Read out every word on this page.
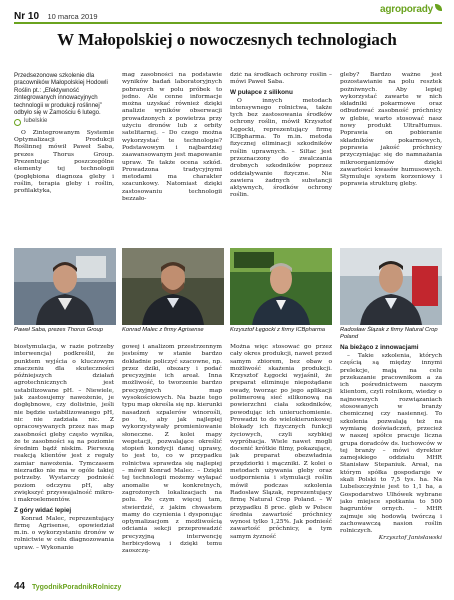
Nr 10 10 marca 2019
agroporady
W Małopolskiej o nowoczesnych technologiach

Przedsezonowe szkolenie dla pracowników Małopolskiej Hodowli Roślin pt.: „Efektywność zintegrowanych innowacyjnych technologii w produkcji roślinnej” odbyło się w Zamościu 6 lutego.

lubelskie

O Zintegrowanym Systemie Optymalizacji Produkcji Roślinnej mówił Paweł Saba, prezes Thorus Group. Prezentując poszczególne elementy tej technologii (pogłębiona diagnoza gleby i roślin, terapia gleby i roślin, profilaktyka,

mag zasobności na podstawie wyników badań laboratoryjnych pobranych w polu próbek to jedno. Ale cenne informacje można uzyskać również dzięki analizie wyników obserwacji prowadzonych z powietrza przy użyciu dronów lub z orbity satelitarnej. – Do czego można wykorzystać te technologie? Podstawowym i najbardziej zaawansowanym jest mapowanie upraw. Te także ocena szkód. Prowadzona tradycyjnymi metodami ma charakter szacunkowy. Natomiast dzięki zastosowaniu technologii bezzało-

dzić na środkach ochrony roślin – mówi Paweł Saba.

W pułapce z silikonu

O innych metodach intensywnego rolnictwa, także tych bez zastosowania środków ochrony roślin, mówił Krzysztof Łęgocki, reprezentujący firmę ICBpharma. To m.in. metoda fizycznej eliminacji szkodników roślin uprawnych. – Siltac jest przeznaczony do zwalczania drobnych szkodników poprzez oddziaływanie fizyczne. Nie zawiera żadnych substancji aktywnych, środków ochrony roślin.

gleby? Bardzo ważne jest pozostawianie na polu resztek pożniwnych. Aby lepiej wykorzystać zawarte w nich składniki pokarmowe oraz odbudować zasobność próchnicy w glebie, warto stosować nasz nowy produkt UltraHumus. Poprawia on pobieranie składników pokarmowych, poprawia jakość próchnicy przyczyniając się do namnażania mikroorganizmów dzięki zawartości kwasów humusowych. Stymuluje system korzeniowy i poprawia strukturę gleby.

Paweł Saba, prezes Thorus Group	Konrad Malec z firmy Agrisense	Krzysztof Łęgocki z firmy ICBpharma	Radosław Ślązak z firmy Natural Crop Poland

biostymulacja, w razie potrzeby interwencja) podkreślił, że punktem wyjścia o kluczowym znaczeniu dla skuteczności późniejszych działań agrotechnicznych jest ustabilizowane pH. – Niewiele, jak zastosujemy nawożenie, je dogłębnowe, czy dolistnie, jeśli nie będzie ustabilizowanego pH, nic nie zadziała nic. Z opracowywanych przez nas map zasobności gleby często wynika, że te zasobności są na poziomie średnim bądź niskim. Pierwszą reakcją klientów jest z reguły zamiar nawożenia. Tymczasem niezradko nie ma w ogóle takiej potrzeby. Wystarczy podnieść poziom odczynu pH, aby zwiększyć przyswajalność mikro- i makroelementów.

Z góry widać lepiej

Konrad Malec, reprezentujący firmę Agrisense, opowiedział m.in. o wykorzystaniu dronów w rolnictwie w celu diagnozowania upraw. – Wykonanie

gowej i analizom przestrzennym jesteśmy w stanie bardzo dokładnie policzyć szacowne, np. przez dziki, obszary i podać precyzyjnie ich areał. Inna możliwość, to tworzenie bardzo precyzyjnych map wysokościowych. Na bazie tego typu map określa się np. kierunki nasadzeń szpalerów winorośli, po to, aby jak najlepiej wykorzystywały promieniowanie słoneczne. Z kolei mapy wegetacji, pozwalające określić stopień kondycji danej uprawy, to jest to, co w przypadku rolnictwa sprawdza się najlepiej – mówił Konrad Malec. – Dzięki tej technologii możemy wyłapać anomalie w konkretnych, zagrożonych lokalizacjach na polu. Po czym więcej tam, stwierdzić, z jakim chwastem mamy do czynienia i dysponując optymalizacjom z możliwością odciania sekcji przeprowadzić precyzyjną interwencję herbicydową i dzięki temu zaoszczę-

Można więc stosować go przez cały okres produkcji, nawet przed samym zbiorem, bez obaw o możliwość skażenia produkcji. Krzysztof Łęgocki wyjaśnił, że preparat eliminuje niepożądane owady, tworząc po jego aplikacji polimerową sieć silikonową na powierzchni ciała szkodników, powodując ich unieruchomienie. Prowadzi to do wielokierunkowej blokady ich fizycznych funkcji życiowych, czyli szybkiej wypróbacja. Wiele nawet mogli docenić krótkie filmy, pokazujące, jak preparat obezwładnia przędziorki i mączniki. Z kolei o metodach używania gleby oraz uodpornienia i stymulacji roślin mówił podczas szkolenia Radosław Ślązak, reprezentujący firmę Natural Crop Poland. – W przypadku 8 proc. gleb w Polsce średnia zawartość próchnicy wynosi tylko 1,25%. Jak podnieść zawartość próchnicy, a tym samym żyzność

Na bieżąco z innowacjami

– Takie szkolenia, których częścią są między innymi prelekcje, mają na celu przekazanie pracownikom a za ich pośrednictwem naszym klientom, czyli rolnikom, wiedzy o najnowszych rozwiązaniach stosowanych w branży chemicznej czy nasiennej. To szkolenia pozwalają też na wymianę doświadczeń, przecież w naszej spółce pracuje liczna grupa doradców ds. łuchowców w tej branży – mówi dyrektor zamojskiego oddziału MHR Stanisław Stepaniuk. Areał, na którym spółka gospodaruje w skali Polski to 7,5 tys. ha. Na Lubelszczyźnie jest to 1,1 ha, a Gospodarstwo Ulhówek wybrane jako miejsce spotkania to 500 hagruntów ornych. – MHR zajmuje się hodowlą twórczą i zachowawczą nasion roślin rolniczych.

Krzysztof Janisławski

44 TygodnikPoradnikRolniczy
